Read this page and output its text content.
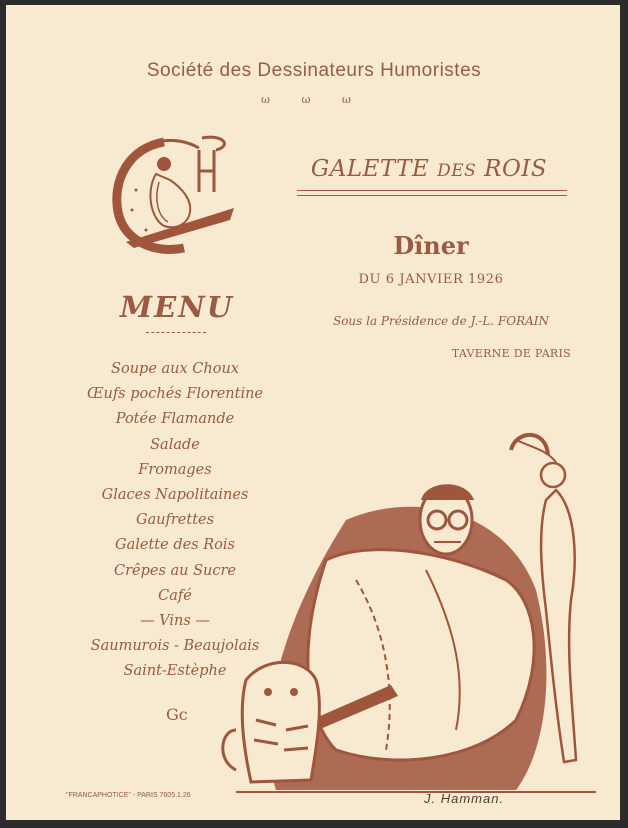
Société des Dessinateurs Humoristes
ω ω ω
GALETTE DES ROIS
Dîner
DU 6 JANVIER 1926
Sous la Présidence de J.-L. FORAIN
TAVERNE DE PARIS
MENU
Soupe aux Choux
Œufs pochés Florentine
Potée Flamande
Salade
Fromages
Glaces Napolitaines
Gaufrettes
Galette des Rois
Crêpes au Sucre
Café
— Vins —
Saumurois - Beaujolais
Saint-Estèphe
Gc
"FRANCAPHOTICE" - PARIS 7605.1.26	J. Hamman.
